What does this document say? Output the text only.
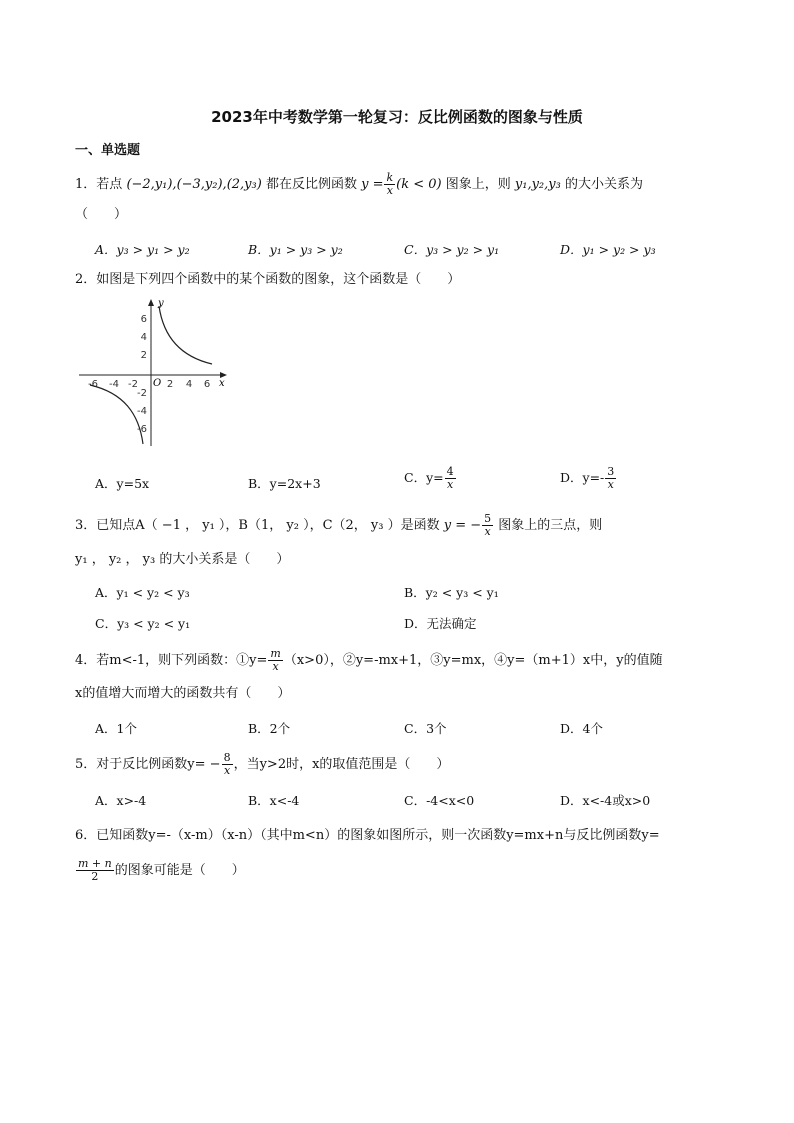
2023年中考数学第一轮复习：反比例函数的图象与性质
一、单选题
1．若点 (−2,y₁),(−3,y₂),(2,y₃) 都在反比例函数 $y = \frac{k}{x} (k < 0)$ 图象上，则 y₁,y₂,y₃ 的大小关系为
（　　）
A．y₃ > y₁ > y₂	B．y₁ > y₃ > y₂	C．y₃ > y₂ > y₁	D．y₁ > y₂ > y₃
2．如图是下列四个函数中的某个函数的图象，这个函数是（　　）
y
x
O
6
4
2
-2
-4
-6
-6 -4 -2	2 4 6
A．y=5x	B．y=2x+3	C．$y= \frac{4}{x}$	D．$y=- \frac{3}{x}$
3．已知点A（ −1 ， y₁ ），B（1， y₂ ），C（2， y₃ ）是函数 y = − $\frac{5}{x}$ 图象上的三点，则
y₁ ， y₂ ， y₃ 的大小关系是（　　）
A．y₁ < y₂ < y₃	B．y₂ < y₃ < y₁
C．y₃ < y₂ < y₁	D．无法确定
4．若m<-1，则下列函数：①y= $\frac{m}{x} (x>0)$，②y=-mx+1，③y=mx，④y=（m+1）x中，y的值随
x的值增大而增大的函数共有（　　）
A．1个	B．2个	C．3个	D．4个
5．对于反比例函数$y= - \frac{8}{x}$ ，当y>2时，x的取值范围是（　　）
A．x>-4	B．x<-4	C．-4<x<0	D．x<-4或x>0
6．已知函数y=-（x-m）（x-n）（其中m<n）的图象如图所示，则一次函数y=mx+n与反比例函数y=
$\frac{m + n}{2}$ 的图象可能是（　　）
